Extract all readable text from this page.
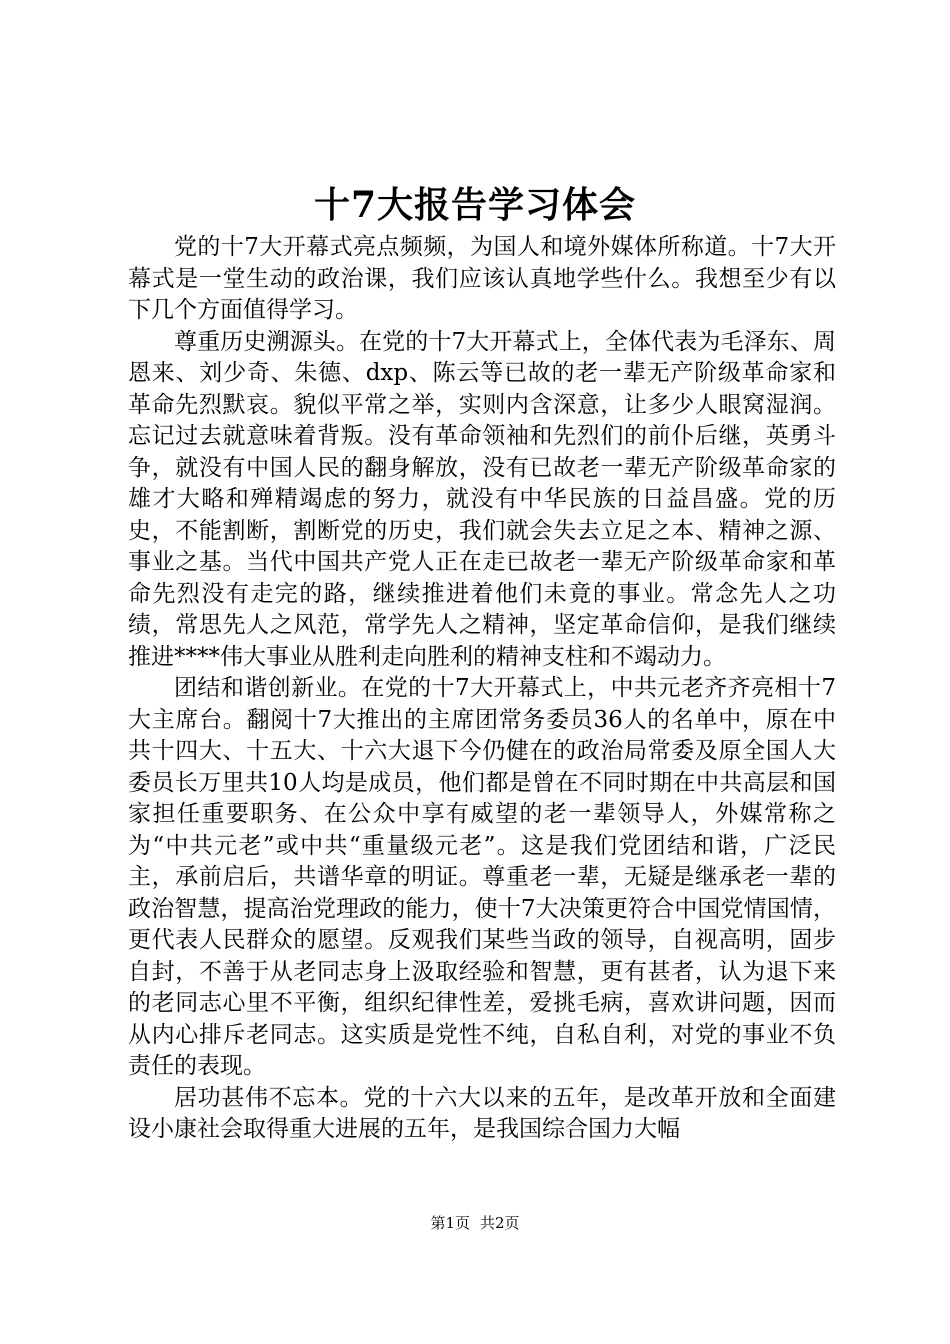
十7大报告学习体会

党的十7大开幕式亮点频频，为国人和境外媒体所称道。十7大开幕式是一堂生动的政治课，我们应该认真地学些什么。我想至少有以下几个方面值得学习。

尊重历史溯源头。在党的十7大开幕式上，全体代表为毛泽东、周恩来、刘少奇、朱德、dxp、陈云等已故的老一辈无产阶级革命家和革命先烈默哀。貌似平常之举，实则内含深意，让多少人眼窝湿润。忘记过去就意味着背叛。没有革命领袖和先烈们的前仆后继，英勇斗争，就没有中国人民的翻身解放，没有已故老一辈无产阶级革命家的雄才大略和殚精竭虑的努力，就没有中华民族的日益昌盛。党的历史，不能割断，割断党的历史，我们就会失去立足之本、精神之源、事业之基。当代中国共产党人正在走已故老一辈无产阶级革命家和革命先烈没有走完的路，继续推进着他们未竟的事业。常念先人之功绩，常思先人之风范，常学先人之精神，坚定革命信仰，是我们继续推进****伟大事业从胜利走向胜利的精神支柱和不竭动力。

团结和谐创新业。在党的十7大开幕式上，中共元老齐齐亮相十7大主席台。翻阅十7大推出的主席团常务委员36人的名单中，原在中共十四大、十五大、十六大退下今仍健在的政治局常委及原全国人大委员长万里共10人均是成员，他们都是曾在不同时期在中共高层和国家担任重要职务、在公众中享有威望的老一辈领导人，外媒常称之为“中共元老”或中共“重量级元老”。这是我们党团结和谐，广泛民主，承前启后，共谱华章的明证。尊重老一辈，无疑是继承老一辈的政治智慧，提高治党理政的能力，使十7大决策更符合中国党情国情，更代表人民群众的愿望。反观我们某些当政的领导，自视高明，固步自封，不善于从老同志身上汲取经验和智慧，更有甚者，认为退下来的老同志心里不平衡，组织纪律性差，爱挑毛病，喜欢讲问题，因而从内心排斥老同志。这实质是党性不纯，自私自利，对党的事业不负责任的表现。

居功甚伟不忘本。党的十六大以来的五年，是改革开放和全面建设小康社会取得重大进展的五年，是我国综合国力大幅

第1页 共2页
